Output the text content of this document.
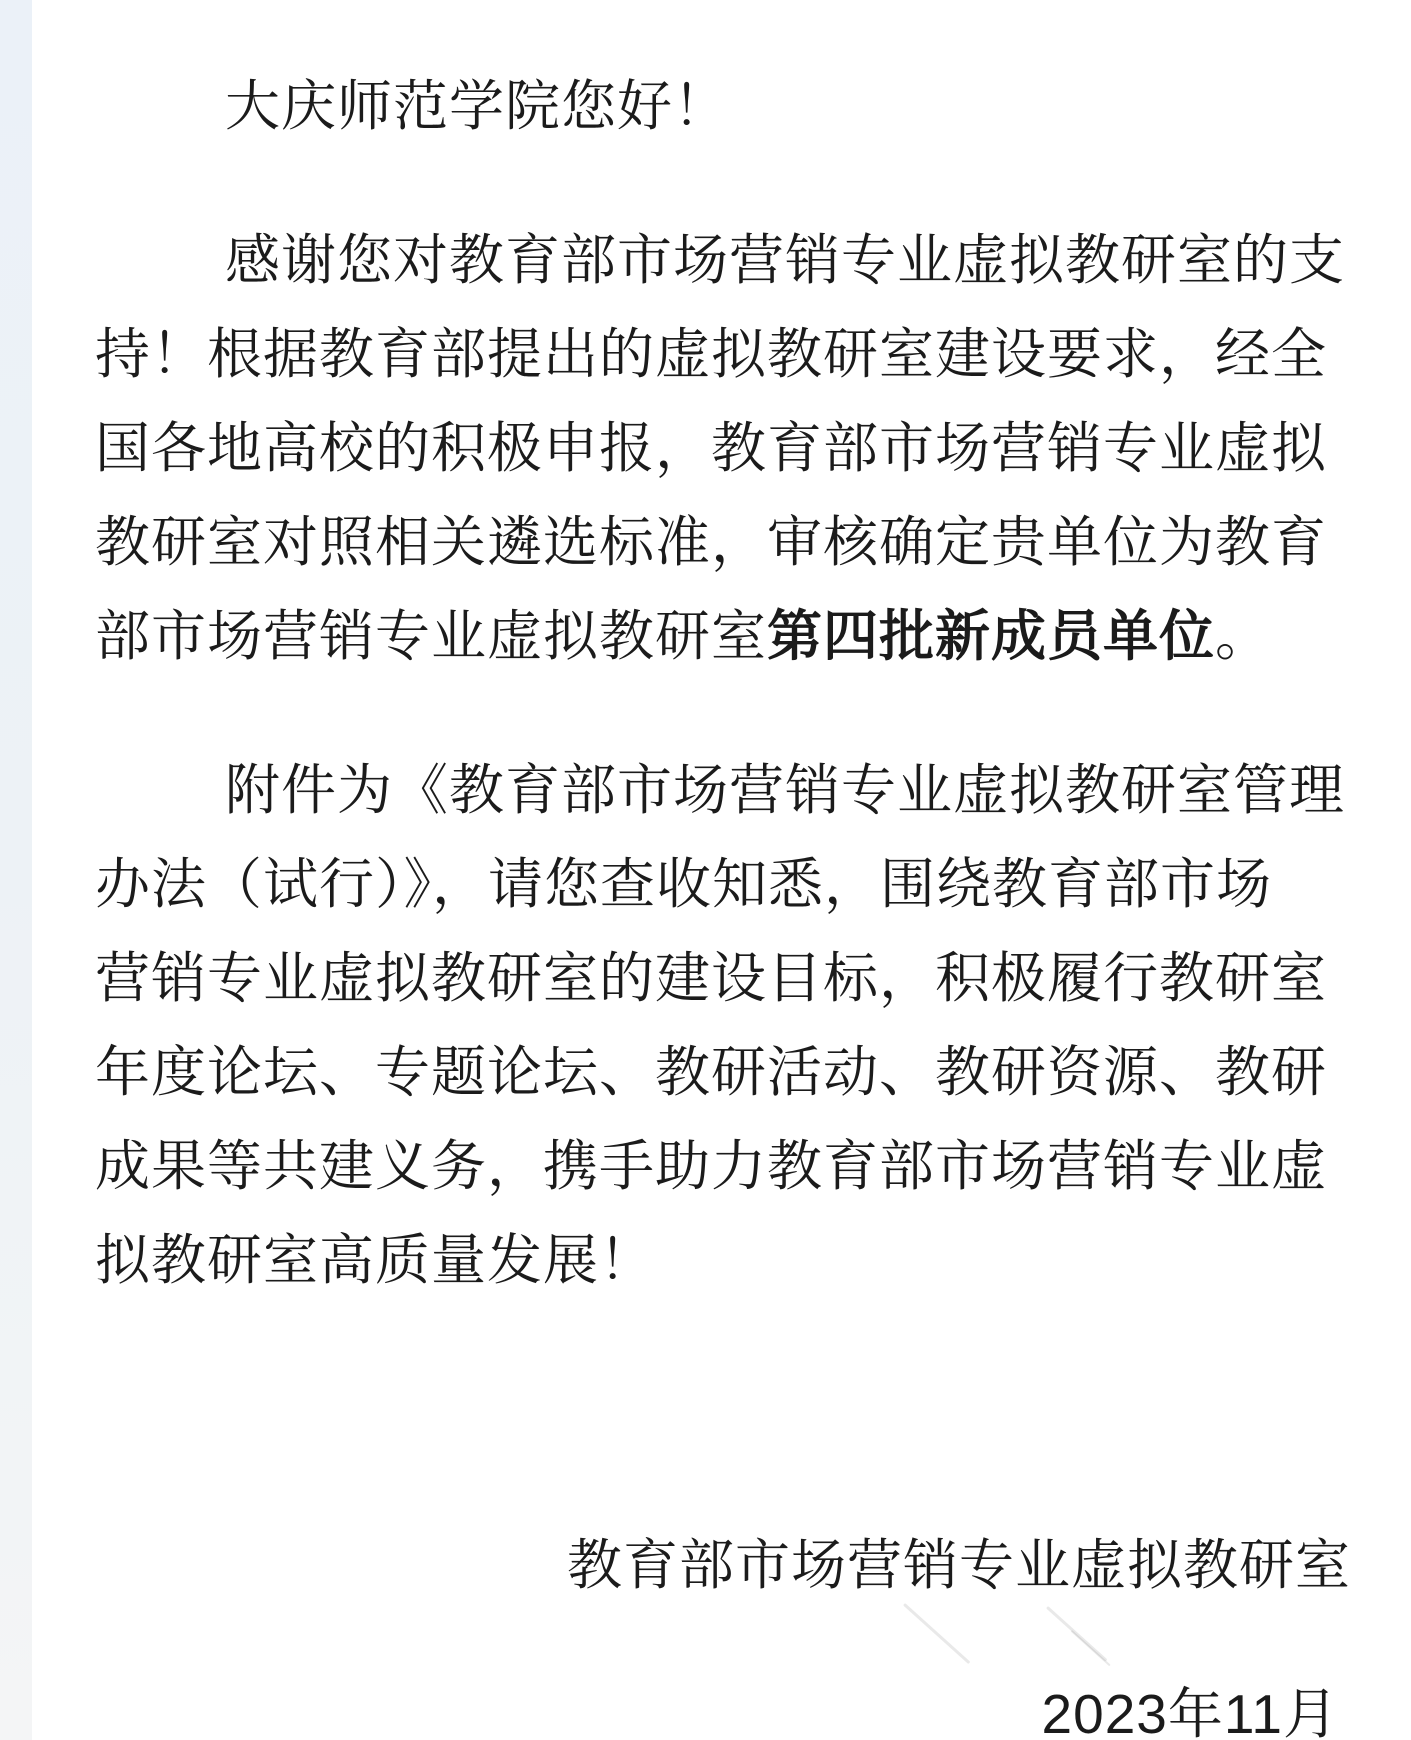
大庆师范学院您好！
感谢您对教育部市场营销专业虚拟教研室的支
持！根据教育部提出的虚拟教研室建设要求，经全
国各地高校的积极申报，教育部市场营销专业虚拟
教研室对照相关遴选标准，审核确定贵单位为教育
部市场营销专业虚拟教研室第四批新成员单位。
附件为《教育部市场营销专业虚拟教研室管理
办法（试行）》，请您查收知悉，围绕教育部市场
营销专业虚拟教研室的建设目标，积极履行教研室
年度论坛、专题论坛、教研活动、教研资源、教研
成果等共建义务，携手助力教育部市场营销专业虚
拟教研室高质量发展！
教育部市场营销专业虚拟教研室
2023年11月
